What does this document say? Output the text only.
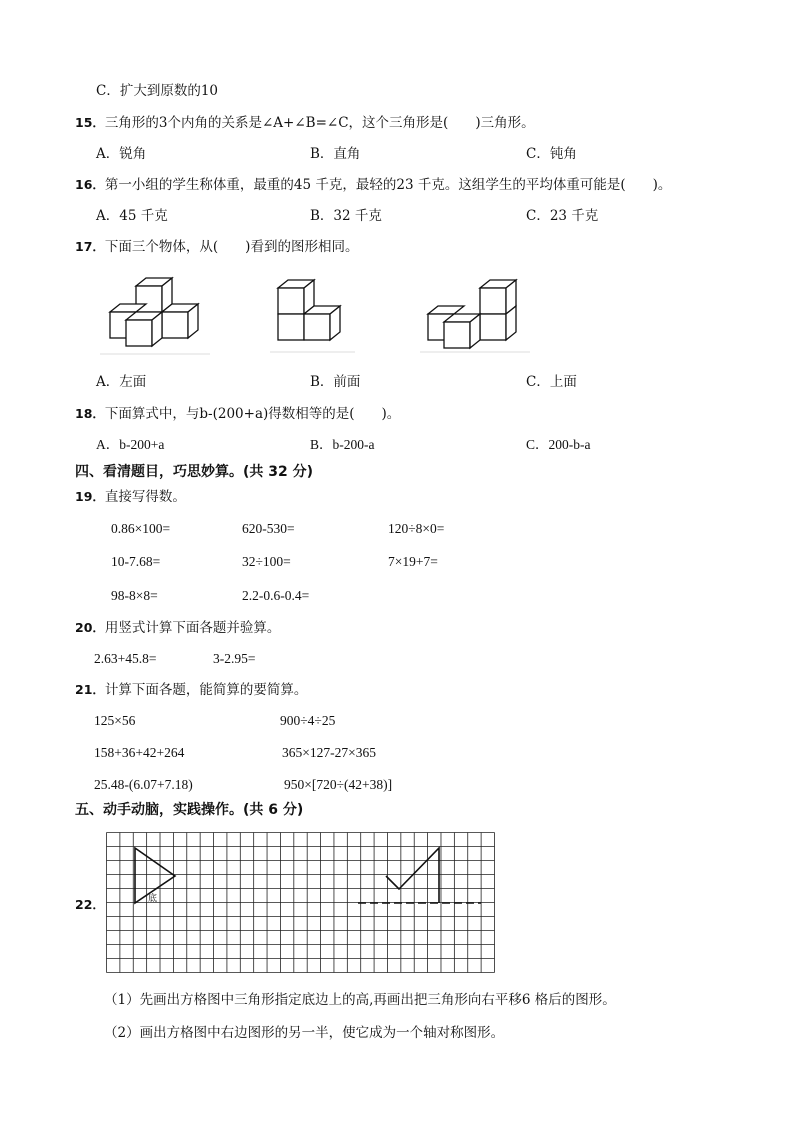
C．扩大到原数的10
15．三角形的3个内角的关系是∠A+∠B=∠C，这个三角形是(　　)三角形。
A．锐角	B．直角	C．钝角
16．第一小组的学生称体重，最重的45 千克，最轻的23 千克。这组学生的平均体重可能是(　　)。
A．45 千克	B．32 千克	C．23 千克
17．下面三个物体，从(　　)看到的图形相同。
A．左面	B．前面	C．上面
18．下面算式中，与b-(200+a)得数相等的是(　　)。
A．b-200+a	B．b-200-a	C．200-b-a
四、看清题目，巧思妙算。(共 32 分)
19．直接写得数。
0.86×100=	620-530=	120÷8×0=
10-7.68=	32÷100=	7×19+7=
98-8×8=	2.2-0.6-0.4=
20．用竖式计算下面各题并验算。
2.63+45.8=	3-2.95=
21．计算下面各题，能简算的要简算。
125×56	900÷4÷25
158+36+42+264	365×127-27×365
25.48-(6.07+7.18)	950×[720÷(42+38)]
五、动手动脑，实践操作。(共 6 分)
22．	底
（1）先画出方格图中三角形指定底边上的高,再画出把三角形向右平移6 格后的图形。
（2）画出方格图中右边图形的另一半，使它成为一个轴对称图形。
